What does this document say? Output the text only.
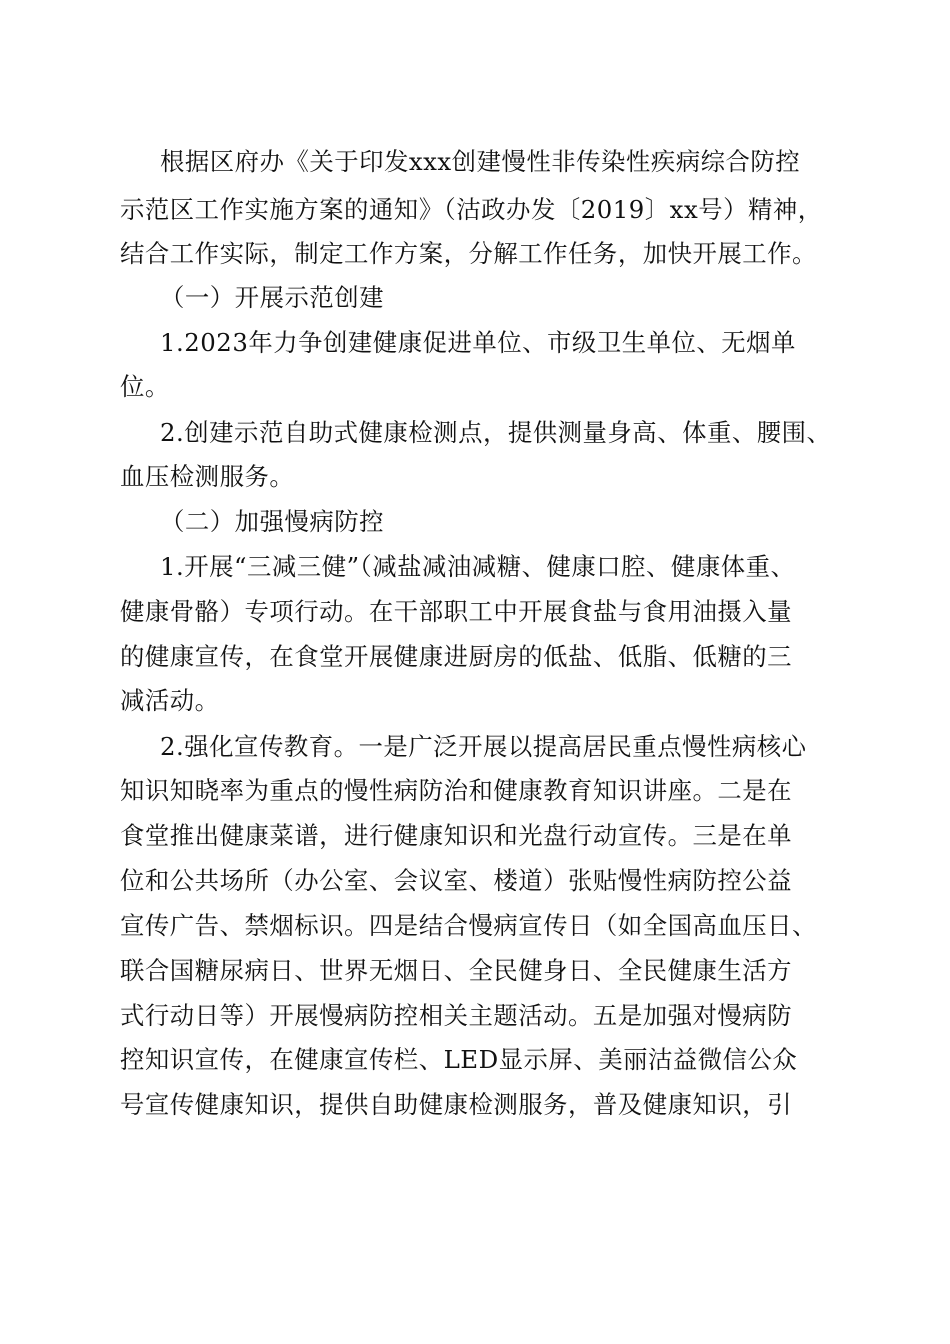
根据区府办《关于印发xxx创建慢性非传染性疾病综合防控
示范区工作实施方案的通知》（沽政办发〔2019〕xx号）精神，
结合工作实际，制定工作方案，分解工作任务，加快开展工作。
（一）开展示范创建
1.2023年力争创建健康促进单位、市级卫生单位、无烟单
位。
2.创建示范自助式健康检测点，提供测量身高、体重、腰围、
血压检测服务。
（二）加强慢病防控
1.开展“三减三健”（减盐减油减糖、健康口腔、健康体重、
健康骨骼）专项行动。在干部职工中开展食盐与食用油摄入量
的健康宣传，在食堂开展健康进厨房的低盐、低脂、低糖的三
减活动。
2.强化宣传教育。一是广泛开展以提高居民重点慢性病核心
知识知晓率为重点的慢性病防治和健康教育知识讲座。二是在
食堂推出健康菜谱，进行健康知识和光盘行动宣传。三是在单
位和公共场所（办公室、会议室、楼道）张贴慢性病防控公益
宣传广告、禁烟标识。四是结合慢病宣传日（如全国高血压日、
联合国糖尿病日、世界无烟日、全民健身日、全民健康生活方
式行动日等）开展慢病防控相关主题活动。五是加强对慢病防
控知识宣传，在健康宣传栏、LED显示屏、美丽沽益微信公众
号宣传健康知识，提供自助健康检测服务，普及健康知识，引
